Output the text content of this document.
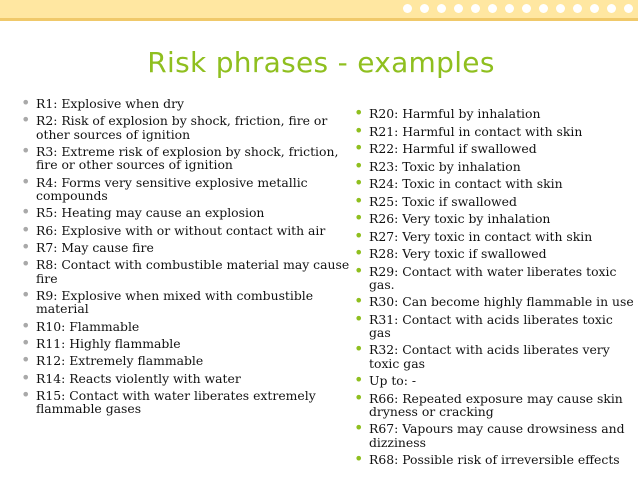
Risk phrases - examples
• R1: Explosive when dry
• R2: Risk of explosion by shock, friction, fire or other sources of ignition
• R3: Extreme risk of explosion by shock, friction, fire or other sources of ignition
• R4: Forms very sensitive explosive metallic compounds
• R5: Heating may cause an explosion
• R6: Explosive with or without contact with air
• R7: May cause fire
• R8: Contact with combustible material may cause fire
• R9: Explosive when mixed with combustible material
• R10: Flammable
• R11: Highly flammable
• R12: Extremely flammable
• R14: Reacts violently with water
• R15: Contact with water liberates extremely flammable gases
• R20: Harmful by inhalation
• R21: Harmful in contact with skin
• R22: Harmful if swallowed
• R23: Toxic by inhalation
• R24: Toxic in contact with skin
• R25: Toxic if swallowed
• R26: Very toxic by inhalation
• R27: Very toxic in contact with skin
• R28: Very toxic if swallowed
• R29: Contact with water liberates toxic gas.
• R30: Can become highly flammable in use
• R31: Contact with acids liberates toxic gas
• R32: Contact with acids liberates very toxic gas
• Up to: -
• R66: Repeated exposure may cause skin dryness or cracking
• R67: Vapours may cause drowsiness and dizziness
• R68: Possible risk of irreversible effects
